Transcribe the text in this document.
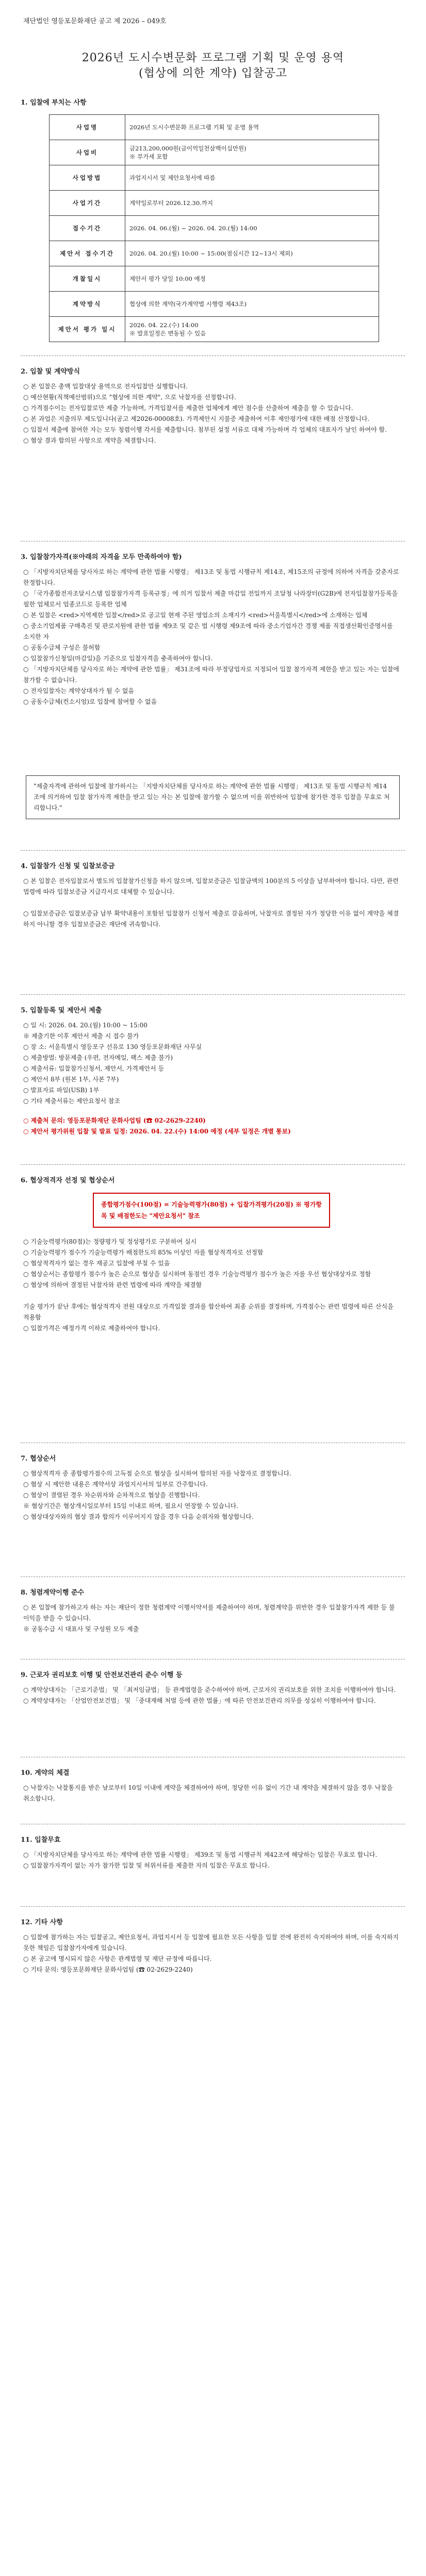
재단법인 영등포문화재단 공고 제 2026 – 049호
2026년 도시수변문화 프로그램 기획 및 운영 용역
(협상에 의한 계약) 입찰공고
1. 입찰에 부치는 사항
사업명	2026년 도시수변문화 프로그램 기획 및 운영 용역
사업비	금213,200,000원(금이억일천삼백이십만원)
※ 부가세 포함
사업방법	과업지시서 및 제안요청서에 따름
사업기간	계약일로부터 2026.12.30.까지
접수기간	2026. 04. 06.(월) ~ 2026. 04. 20.(월) 14:00
제안서 접수기간	2026. 04. 20.(월) 10:00 ~ 15:00(점심시간 12~13시 제외)
개찰일시	제안서 평가 당일 10:00 예정
계약방식	협상에 의한 계약(국가계약법 시행령 제43조)
제안서 평가 일시	2026. 04. 22.(수) 14:00
※ 발표일정은 변동될 수 있음
2. 입찰 및 계약방식
○ 본 입찰은 총액 입찰대상 용역으로 전자입찰만 실행합니다.
○ 예산현황(직책예산범위)으로 "협상에 의한 계약", 으로 낙찰자를 선정합니다.
○ 가격점수이는 전자입찰로만 제출 가능하며, 가격입찰서를 제출한 업체에게 제안 점수를 산출하여 제출을 할 수 있습니다.
○ 본 과업은 지출의무 제도입니다(공고 제2026-00008호). 가격제안시 지불증 제출하여 이후 제안평가에 대한 배점 산정합니다.
○ 입찰서 제출에 참여한 자는 모두 청렴이행 각서를 제출합니다. 첨부된 설정 서류로 대체 가능하며 각 업체의 대표자가 날인 하여야 함.
○ 협상 결과 합의된 사항으로 계약을 체결합니다.
3. 입찰참가자격(※아래의 자격을 모두 만족하여야 함)
○ 「지방자치단체를 당사자로 하는 계약에 관한 법률 시행령」 제13조 및 동법 시행규칙 제14조, 제15조의 규정에 의하여 자격을 갖춘자로 한정합니다.
○ 「국가종합전자조달시스템 입찰참가자격 등록규정」에 의거 입찰서 제출 마감일 전일까지 조달청 나라장터(G2B)에 전자입찰참가등록을 필한 업체로서 업종코드로 등록한 업체
○ 본 입찰은 <red>지역제한 입찰</red>로 공고일 현재 주된 영업소의 소재지가 <red>서울특별시</red>에 소재하는 업체
○ 중소기업제품 구매촉진 및 판로지원에 관한 법률 제9조 및 같은 법 시행령 제9조에 따라 중소기업자간 경쟁 제품 직접생산확인증명서를 소지한 자
○ 공동수급체 구성은 불허함
○ 입찰참가신청일(마감일)을 기준으로 입찰자격을 충족하여야 합니다.
○ 「지방자치단체를 당사자로 하는 계약에 관한 법률」 제31조에 따라 부정당업자로 지정되어 입찰 참가자격 제한을 받고 있는 자는 입찰에 참가할 수 없습니다.
○ 전자입찰자는 계약상대자가 될 수 없음
○ 공동수급체(컨소시엄)로 입찰에 참여할 수 없음
"제출자격에 관하여 입찰에 참가하시는 「지방자치단체를 당사자로 하는 계약에 관한 법률 시행령」 제13조 및 동법 시행규칙 제14조에 의거하여 입찰 참가자격 제한을 받고 있는 자는 본 입찰에 참가할 수 없으며 이를 위반하여 입찰에 참가한 경우 입찰을 무효로 처리합니다."
4. 입찰참가 신청 및 입찰보증금
○ 본 입찰은 전자입찰로서 별도의 입찰참가신청을 하지 않으며, 입찰보증금은 입찰금액의 100분의 5 이상을 납부하여야 합니다. 다만, 관련 법령에 따라 입찰보증금 지급각서로 대체할 수 있습니다.

○ 입찰보증금은 입찰보증금 납부 확약내용이 포함된 입찰참가 신청서 제출로 갈음하며, 낙찰자로 결정된 자가 정당한 이유 없이 계약을 체결하지 아니할 경우 입찰보증금은 재단에 귀속합니다.
5. 입찰등록 및 제안서 제출
○ 일 시: 2026. 04. 20.(월) 10:00 ~ 15:00
※ 제출기한 이후 제안서 제출 시 접수 불가
○ 장 소: 서울특별시 영등포구 선유로 130 영등포문화재단 사무실
○ 제출방법: 방문제출 (우편, 전자메일, 팩스 제출 불가)
○ 제출서류: 입찰참가신청서, 제안서, 가격제안서 등
○ 제안서 8부 (원본 1부, 사본 7부)
○ 발표자료 파일(USB) 1부
○ 기타 제출서류는 제안요청서 참조
○ 제출처 문의: 영등포문화재단 문화사업팀 (☎ 02-2629-2240)
○ 제안서 평가위원 입찰 및 발표 일정: 2026. 04. 22.(수) 14:00 예정 (세부 일정은 개별 통보)
6. 협상적격자 선정 및 협상순서
종합평가점수(100점) = 기술능력평가(80점) + 입찰가격평가(20점) ※ 평가항목 및 배점한도는 "제안요청서" 참조
○ 기술능력평가(80점)는 정량평가 및 정성평가로 구분하여 실시
○ 기술능력평가 점수가 기술능력평가 배점한도의 85% 이상인 자를 협상적격자로 선정함
○ 협상적격자가 없는 경우 재공고 입찰에 부칠 수 있음
○ 협상순서는 종합평가 점수가 높은 순으로 협상을 실시하며 동점인 경우 기술능력평가 점수가 높은 자를 우선 협상대상자로 정함
○ 협상에 의하여 결정된 낙찰자와 관련 법령에 따라 계약을 체결함

기술 평가가 끝난 후에는 협상적격자 전원 대상으로 가격입찰 결과를 합산하여 최종 순위를 결정하며, 가격점수는 관련 법령에 따른 산식을 적용함
○ 입찰가격은 예정가격 이하로 제출하여야 합니다.
7. 협상순서
○ 협상적격자 중 종합평가점수의 고득점 순으로 협상을 실시하여 합의된 자를 낙찰자로 결정합니다.
○ 협상 시 제안한 내용은 계약서상 과업지시서의 일부로 간주합니다.
○ 협상이 결렬된 경우 차순위자와 순차적으로 협상을 진행합니다.
※ 협상기간은 협상개시일로부터 15일 이내로 하며, 필요시 연장할 수 있습니다.
○ 협상대상자와의 협상 결과 합의가 이루어지지 않을 경우 다음 순위자와 협상합니다.
8. 청렴계약이행 준수
○ 본 입찰에 참가하고자 하는 자는 재단이 정한 청렴계약 이행서약서를 제출하여야 하며, 청렴계약을 위반한 경우 입찰참가자격 제한 등 불이익을 받을 수 있습니다.
※ 공동수급 시 대표사 및 구성원 모두 제출
9. 근로자 권리보호 이행 및 안전보건관리 준수 이행 등
○ 계약상대자는 「근로기준법」 및 「최저임금법」 등 관계법령을 준수하여야 하며, 근로자의 권리보호를 위한 조치를 이행하여야 합니다.
○ 계약상대자는 「산업안전보건법」 및 「중대재해 처벌 등에 관한 법률」에 따른 안전보건관리 의무를 성실히 이행하여야 합니다.
10. 계약의 체결
○ 낙찰자는 낙찰통지를 받은 날로부터 10일 이내에 계약을 체결하여야 하며, 정당한 이유 없이 기간 내 계약을 체결하지 않을 경우 낙찰을 취소합니다.
11. 입찰무효
○ 「지방자치단체를 당사자로 하는 계약에 관한 법률 시행령」 제39조 및 동법 시행규칙 제42조에 해당하는 입찰은 무효로 합니다.
○ 입찰참가자격이 없는 자가 참가한 입찰 및 허위서류를 제출한 자의 입찰은 무효로 합니다.
12. 기타 사항
○ 입찰에 참가하는 자는 입찰공고, 제안요청서, 과업지시서 등 입찰에 필요한 모든 사항을 입찰 전에 완전히 숙지하여야 하며, 이를 숙지하지 못한 책임은 입찰참가자에게 있습니다.
○ 본 공고에 명시되지 않은 사항은 관계법령 및 재단 규정에 따릅니다.
○ 기타 문의: 영등포문화재단 문화사업팀 (☎ 02-2629-2240)
